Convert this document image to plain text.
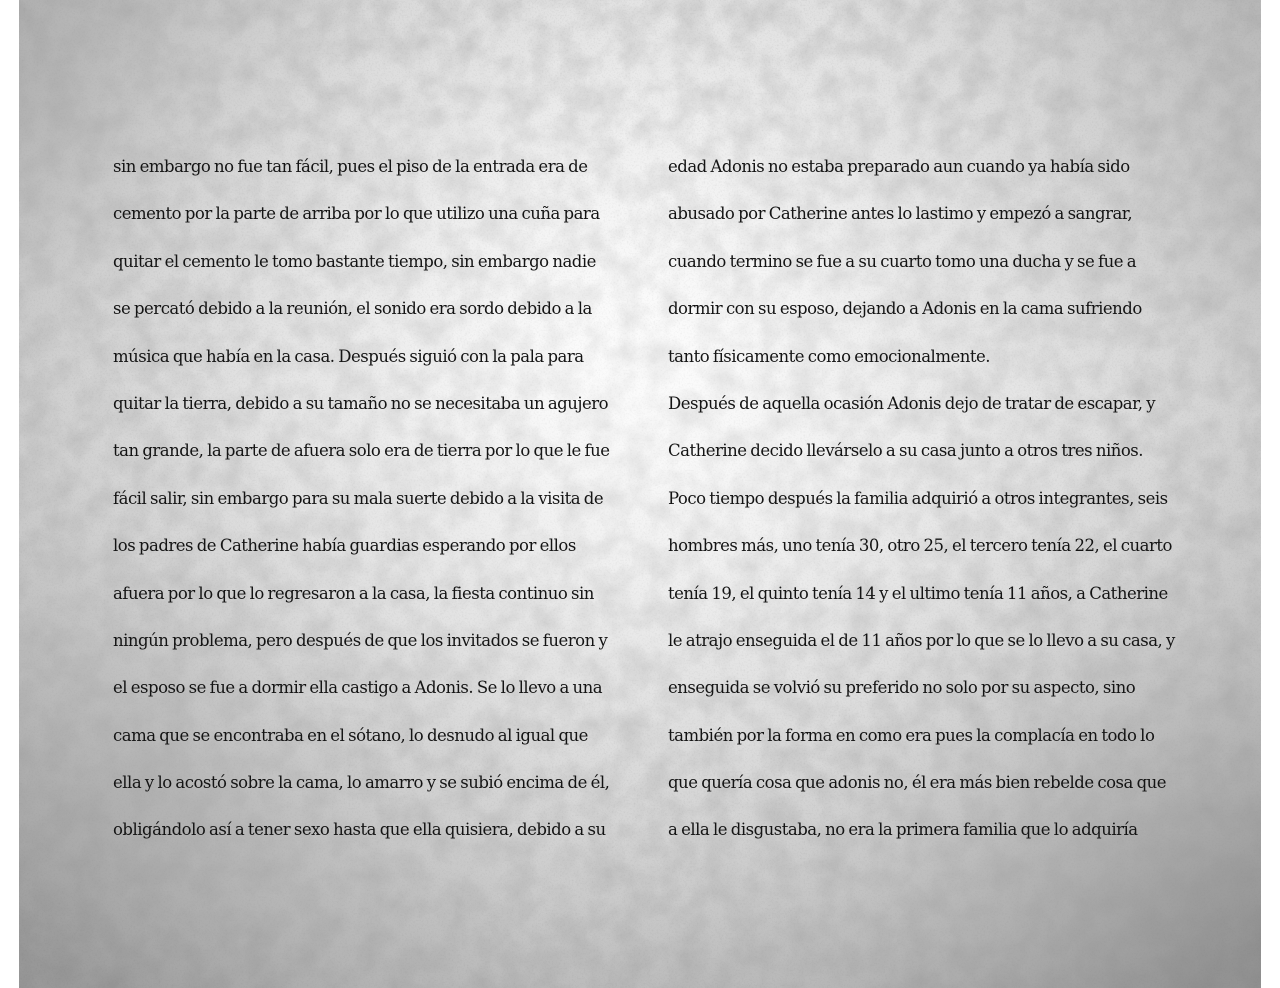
sin embargo no fue tan fácil, pues el piso de la entrada era de
cemento por la parte de arriba por lo que utilizo una cuña para
quitar el cemento le tomo bastante tiempo, sin embargo nadie
se percató debido a la reunión, el sonido era sordo debido a la
música que había en la casa. Después siguió con la pala para
quitar la tierra, debido a su tamaño no se necesitaba un agujero
tan grande, la parte de afuera solo era de tierra por lo que le fue
fácil salir, sin embargo para su mala suerte debido a la visita de
los padres de Catherine había guardias esperando por ellos
afuera por lo que lo regresaron a la casa, la fiesta continuo sin
ningún problema, pero después de que los invitados se fueron y
el esposo se fue a dormir ella castigo a Adonis. Se lo llevo a una
cama que se encontraba en el sótano, lo desnudo al igual que
ella y lo acostó sobre la cama, lo amarro y se subió encima de él,
obligándolo así a tener sexo hasta que ella quisiera, debido a su
edad Adonis no estaba preparado aun cuando ya había sido
abusado por Catherine antes lo lastimo y empezó a sangrar,
cuando termino se fue a su cuarto tomo una ducha y se fue a
dormir con su esposo, dejando a Adonis en la cama sufriendo
tanto físicamente como emocionalmente.
Después de aquella ocasión Adonis dejo de tratar de escapar, y
Catherine decido llevárselo a su casa junto a otros tres niños.
Poco tiempo después la familia adquirió a otros integrantes, seis
hombres más, uno tenía 30, otro 25, el tercero tenía 22, el cuarto
tenía 19, el quinto tenía 14 y el ultimo tenía 11 años, a Catherine
le atrajo enseguida el de 11 años por lo que se lo llevo a su casa, y
enseguida se volvió su preferido no solo por su aspecto, sino
también por la forma en como era pues la complacía en todo lo
que quería cosa que adonis no, él era más bien rebelde cosa que
a ella le disgustaba, no era la primera familia que lo adquiría
